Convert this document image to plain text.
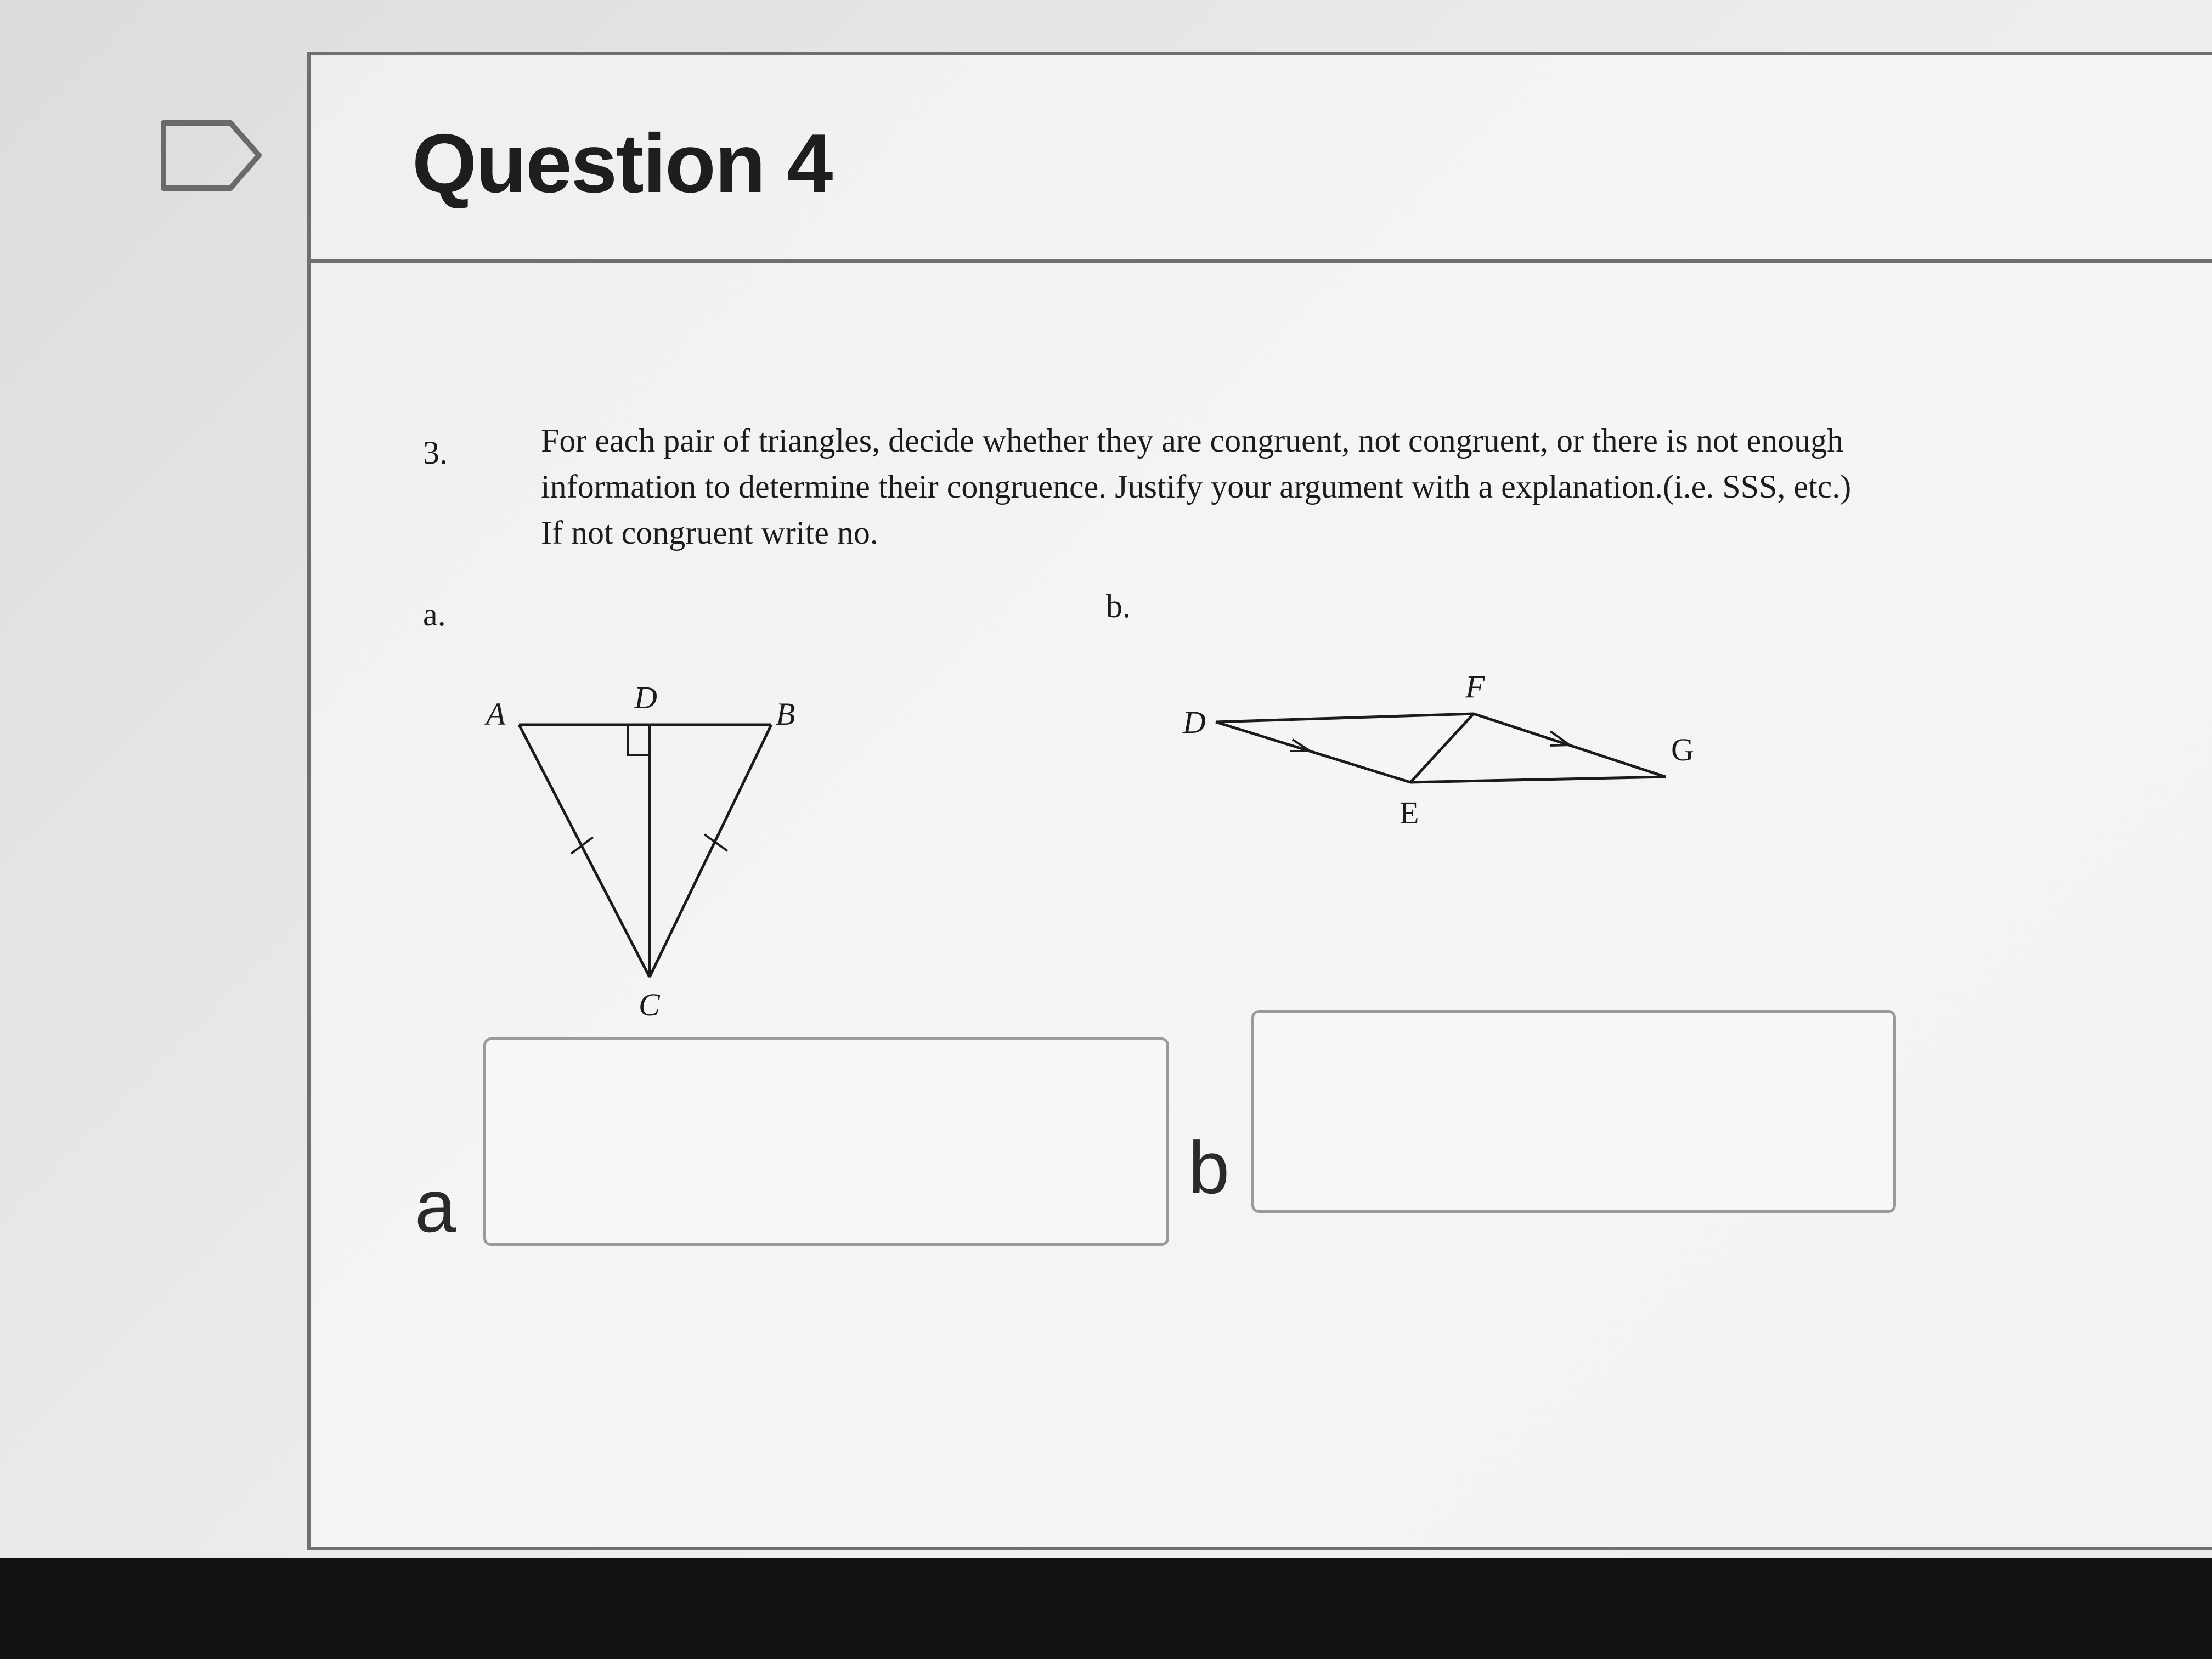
Question 4
3.	For each pair of triangles, decide whether they are congruent, not congruent, or there is not enough information to determine their congruence. Justify your argument with a explanation.(i.e. SSS, etc.) If not congruent write no.
a.	b.
A	D	B
C
D
F
G
E
a	b
